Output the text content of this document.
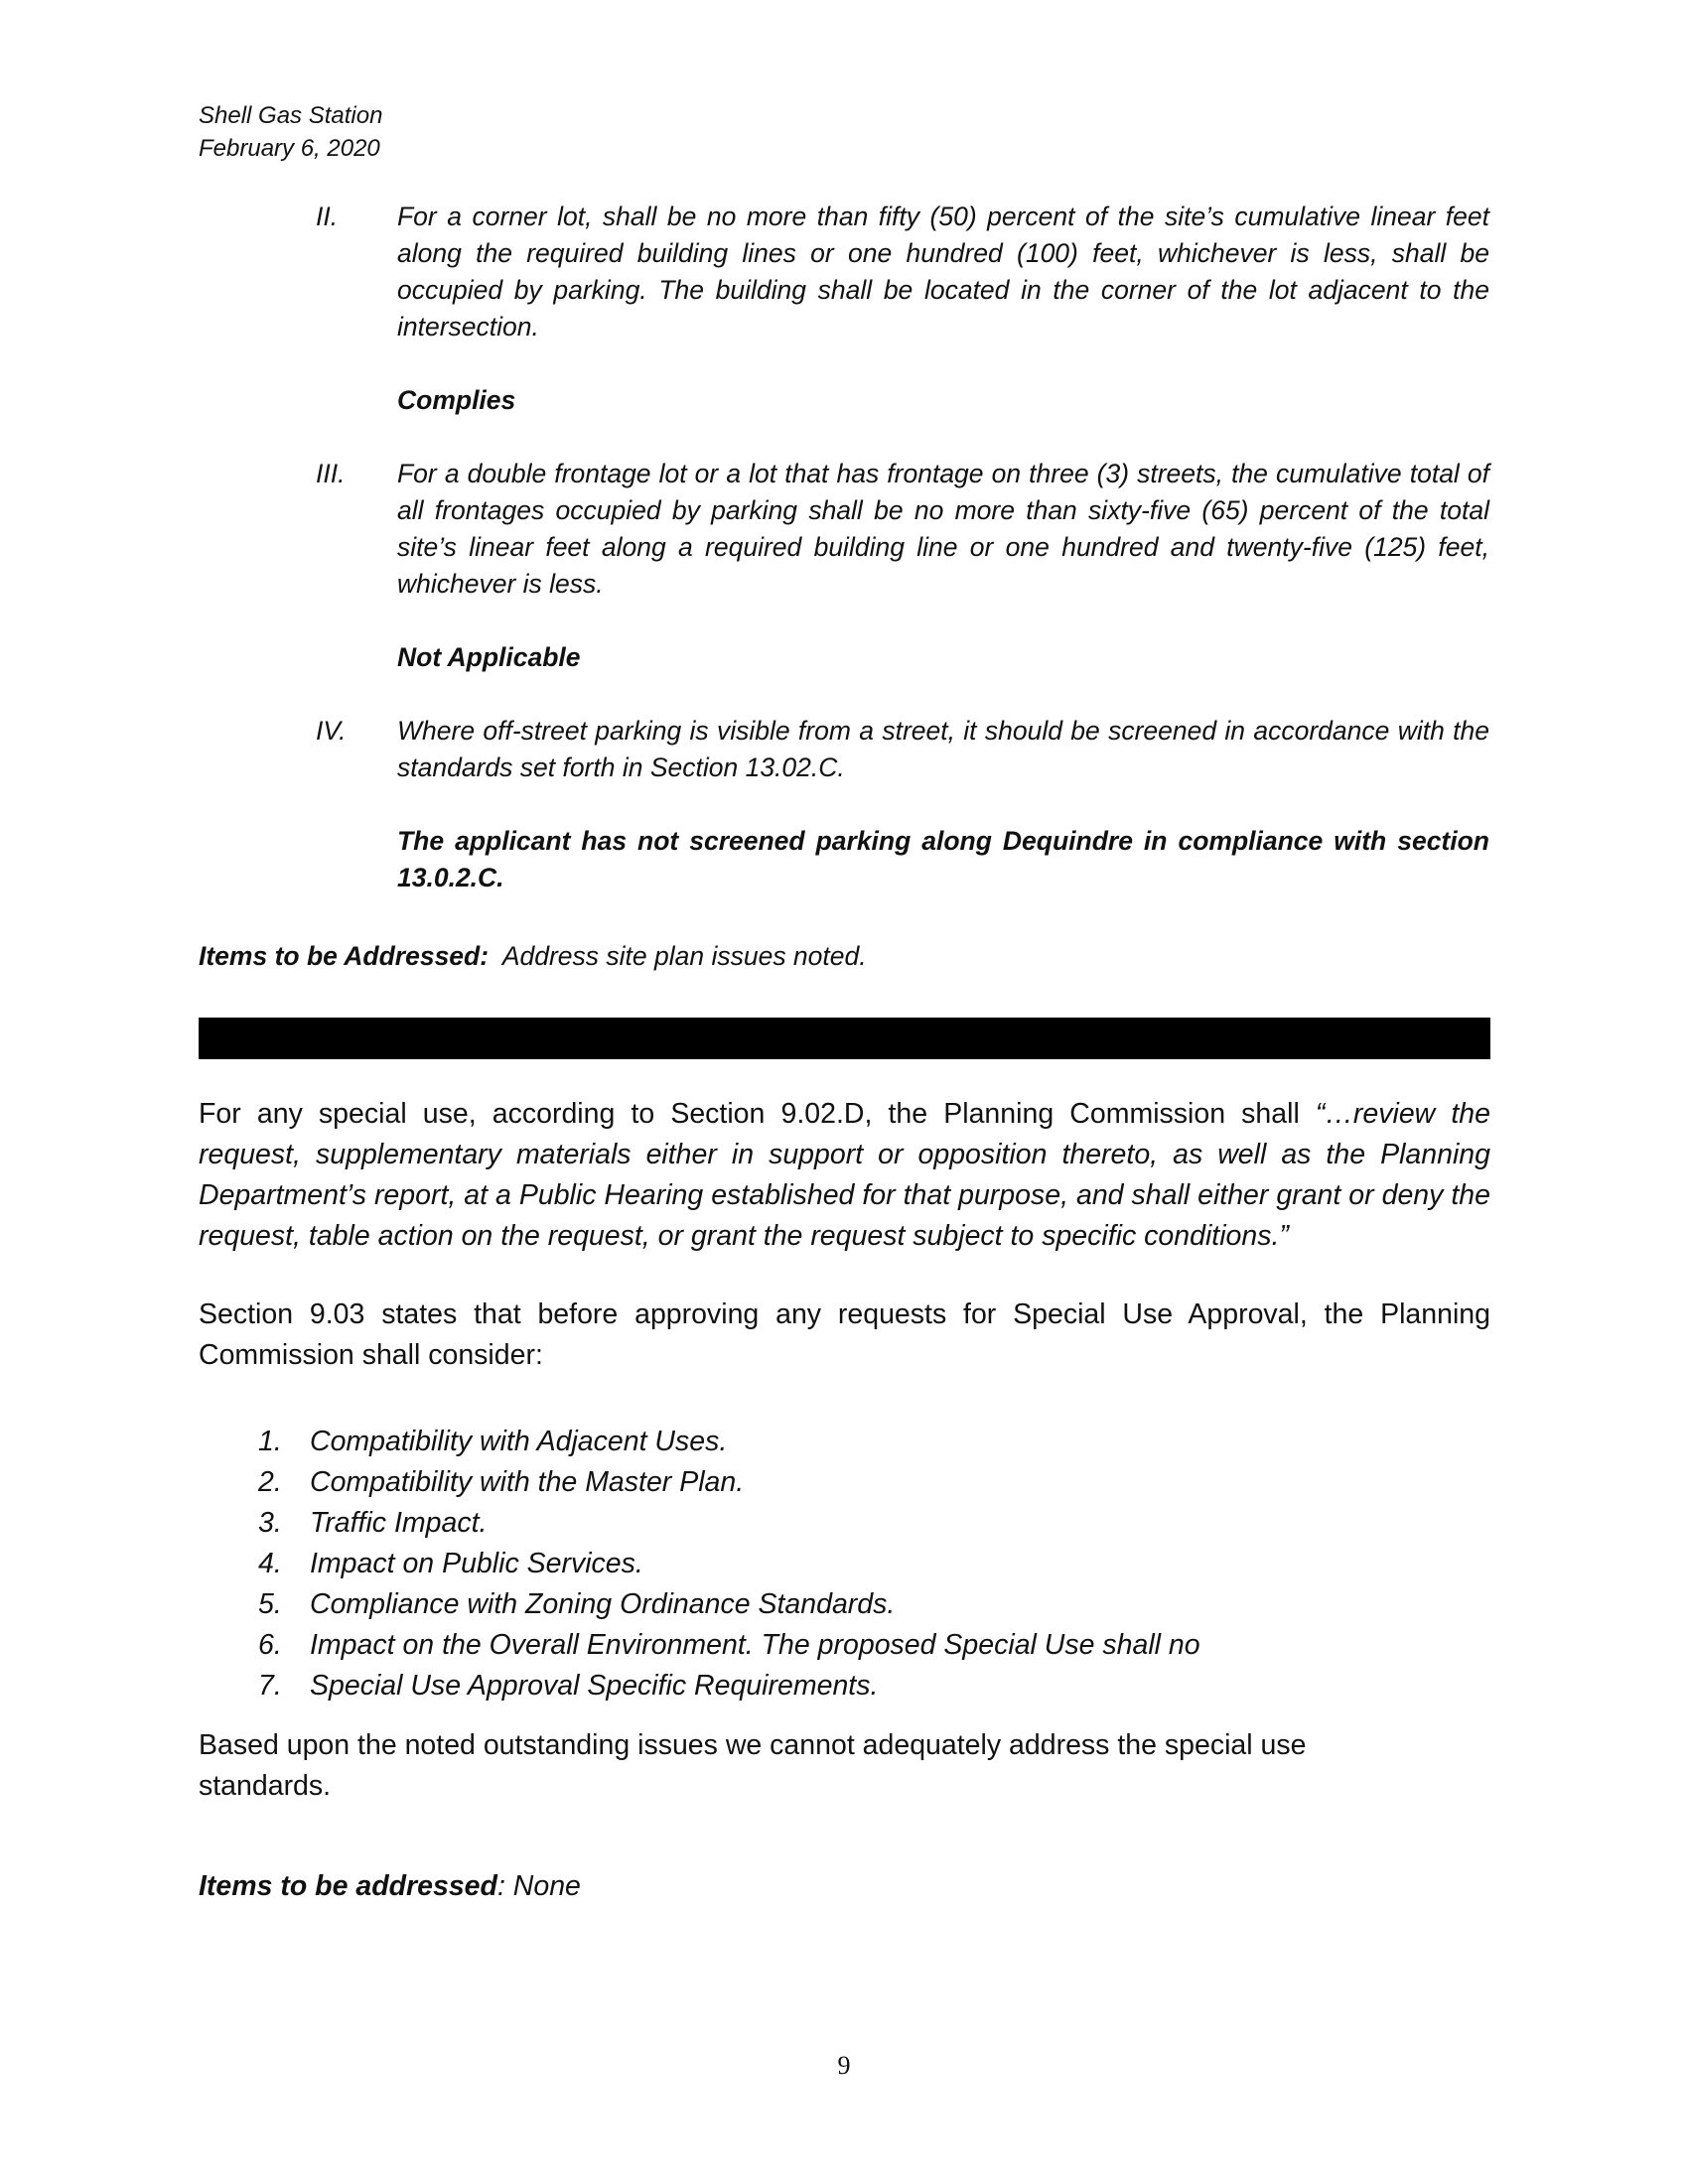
Shell Gas Station
February 6, 2020
II. For a corner lot, shall be no more than fifty (50) percent of the site’s cumulative linear feet along the required building lines or one hundred (100) feet, whichever is less, shall be occupied by parking. The building shall be located in the corner of the lot adjacent to the intersection.
Complies
III. For a double frontage lot or a lot that has frontage on three (3) streets, the cumulative total of all frontages occupied by parking shall be no more than sixty-five (65) percent of the total site’s linear feet along a required building line or one hundred and twenty-five (125) feet, whichever is less.
Not Applicable
IV. Where off-street parking is visible from a street, it should be screened in accordance with the standards set forth in Section 13.02.C.
The applicant has not screened parking along Dequindre in compliance with section 13.0.2.C.
Items to be Addressed: Address site plan issues noted.
For any special use, according to Section 9.02.D, the Planning Commission shall “…review the request, supplementary materials either in support or opposition thereto, as well as the Planning Department’s report, at a Public Hearing established for that purpose, and shall either grant or deny the request, table action on the request, or grant the request subject to specific conditions.”
Section 9.03 states that before approving any requests for Special Use Approval, the Planning Commission shall consider:
1. Compatibility with Adjacent Uses.
2. Compatibility with the Master Plan.
3. Traffic Impact.
4. Impact on Public Services.
5. Compliance with Zoning Ordinance Standards.
6. Impact on the Overall Environment. The proposed Special Use shall no
7. Special Use Approval Specific Requirements.
Based upon the noted outstanding issues we cannot adequately address the special use standards.
Items to be addressed: None
9
